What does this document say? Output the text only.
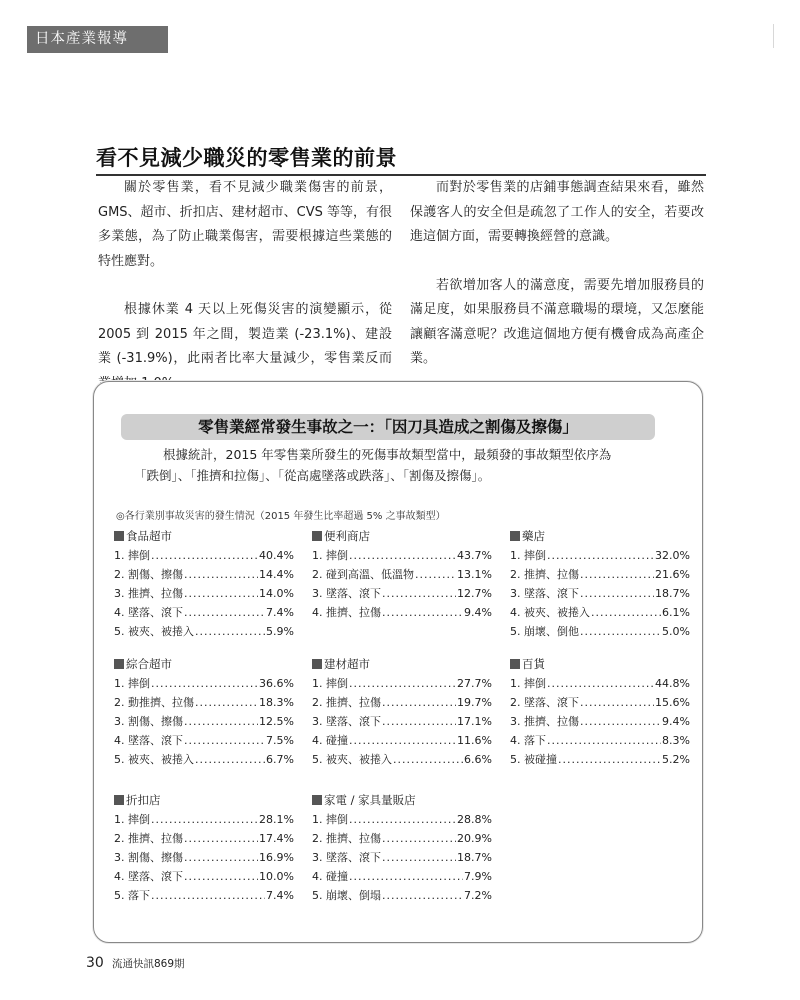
日本產業報導
看不見減少職災的零售業的前景

關於零售業，看不見減少職業傷害的前景，GMS、超市、折扣店、建材超市、CVS 等等，有很多業態，為了防止職業傷害，需要根據這些業態的特性應對。

根據休業 4 天以上死傷災害的演變顯示，從 2005 到 2015 年之間，製造業 (-23.1%)、建設業 (-31.9%)，此兩者比率大量減少，零售業反而

而對於零售業的店鋪事態調查結果來看，雖然保護客人的安全但是疏忽了工作人的安全，若要改進這個方面，需要轉換經營的意識。

若欲增加客人的滿意度，需要先增加服務員的滿足度，如果服務員不滿意職場的環境，又怎麼能讓顧客滿意呢？改進這個地方便有機會成為高產企業。

零售業經常發生事故之一：「因刀具造成之割傷及擦傷」
根據統計，2015 年零售業所發生的死傷事故類型當中，最頻發的事故類型依序為
「跌倒」、「推擠和拉傷」、「從高處墜落或跌落」、「割傷及擦傷」。
◎各行業別事故災害的發生情況（2015 年發生比率超過 5% 之事故類型）
食品超市
1. 摔倒 .....	40.4%
2. 割傷、擦傷 .....	14.4%
3. 推擠、拉傷 .....	14.0%
4. 墜落、滾下 .....	7.4%
5. 被夾、被捲入 .....	5.9%
便利商店
1. 摔倒 .....	43.7%
2. 碰到高溫、低溫物 .....	13.1%
3. 墜落、滾下 .....	12.7%
4. 推擠、拉傷 .....	9.4%
藥店
1. 摔倒 .....	32.0%
2. 推擠、拉傷 .....	21.6%
3. 墜落、滾下 .....	18.7%
4. 被夾、被捲入 .....	6.1%
5. 崩壞、倒他 .....	5.0%
綜合超市
1. 摔倒 .....	36.6%
2. 動推擠、拉傷 .....	18.3%
3. 割傷、擦傷 .....	12.5%
4. 墜落、滾下 .....	7.5%
5. 被夾、被捲入 .....	6.7%
建材超市
1. 摔倒 .....	27.7%
2. 推擠、拉傷 .....	19.7%
3. 墜落、滾下 .....	17.1%
4. 碰撞 .....	11.6%
5. 被夾、被捲入 .....	6.6%
百貨
1. 摔倒 .....	44.8%
2. 墜落、滾下 .....	15.6%
3. 推擠、拉傷 .....	9.4%
4. 落下 .....	8.3%
5. 被碰撞 .....	5.2%
折扣店
1. 摔倒 .....	28.1%
2. 推擠、拉傷 .....	17.4%
3. 割傷、擦傷 .....	16.9%
4. 墜落、滾下 .....	10.0%
5. 落下 .....	7.4%
家電 / 家具量販店
1. 摔倒 .....	28.8%
2. 推擠、拉傷 .....	20.9%
3. 墜落、滾下 .....	18.7%
4. 碰撞 .....	7.9%
5. 崩壞、倒塌 .....	7.2%
30 流通快訊869期
